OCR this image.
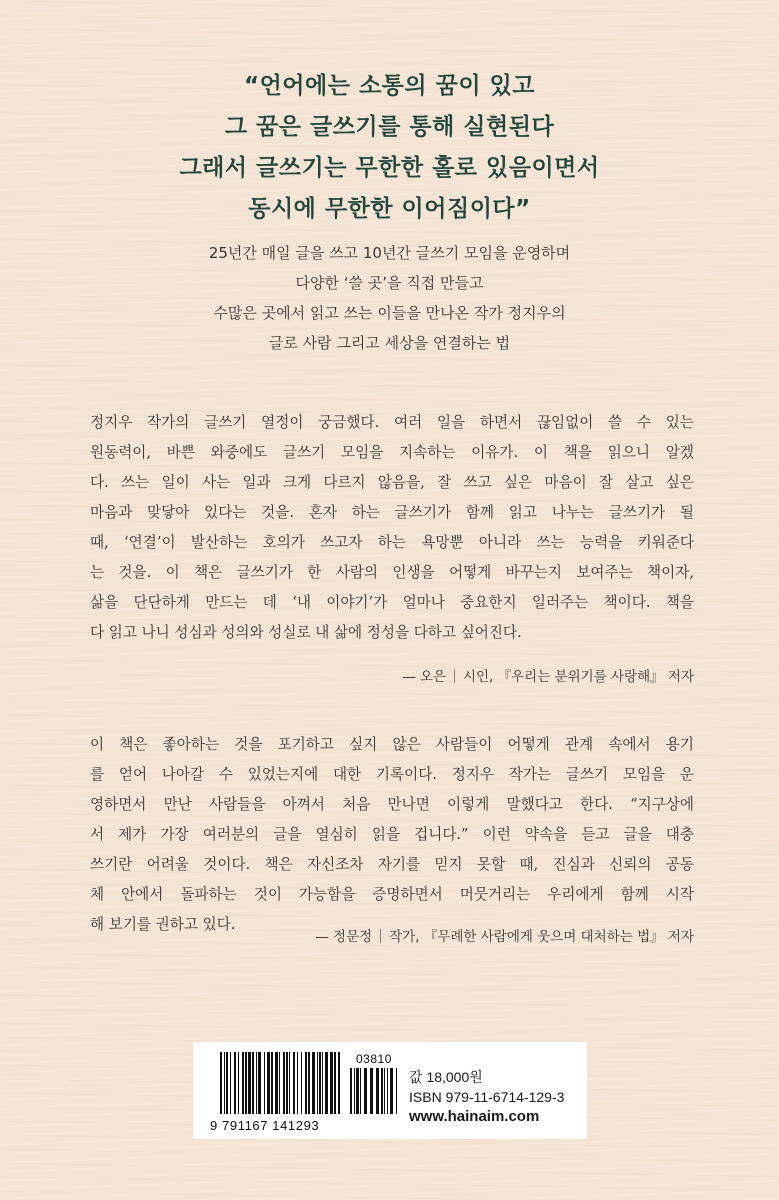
“언어에는 소통의 꿈이 있고
그 꿈은 글쓰기를 통해 실현된다
그래서 글쓰기는 무한한 홀로 있음이면서
동시에 무한한 이어짐이다”
25년간 매일 글을 쓰고 10년간 글쓰기 모임을 운영하며
다양한 ‘쓸 곳’을 직접 만들고
수많은 곳에서 읽고 쓰는 이들을 만나온 작가 정지우의
글로 사람 그리고 세상을 연결하는 법
정지우 작가의 글쓰기 열정이 궁금했다. 여러 일을 하면서 끊임없이 쓸 수 있는
원동력이, 바쁜 와중에도 글쓰기 모임을 지속하는 이유가. 이 책을 읽으니 알겠
다. 쓰는 일이 사는 일과 크게 다르지 않음을, 잘 쓰고 싶은 마음이 잘 살고 싶은
마음과 맞닿아 있다는 것을. 혼자 하는 글쓰기가 함께 읽고 나누는 글쓰기가 될
때, ‘연결’이 발산하는 호의가 쓰고자 하는 욕망뿐 아니라 쓰는 능력을 키워준다
는 것을. 이 책은 글쓰기가 한 사람의 인생을 어떻게 바꾸는지 보여주는 책이자,
삶을 단단하게 만드는 데 ‘내 이야기’가 얼마나 중요한지 일러주는 책이다. 책을
다 읽고 나니 성심과 성의와 성실로 내 삶에 정성을 다하고 싶어진다.
— 오은 시인, 『우리는 분위기를 사랑해』 저자
이 책은 좋아하는 것을 포기하고 싶지 않은 사람들이 어떻게 관계 속에서 용기
를 얻어 나아갈 수 있었는지에 대한 기록이다. 정지우 작가는 글쓰기 모임을 운
영하면서 만난 사람들을 아껴서 처음 만나면 이렇게 말했다고 한다. “지구상에
서 제가 가장 여러분의 글을 열심히 읽을 겁니다.” 이런 약속을 듣고 글을 대충
쓰기란 어려울 것이다. 책은 자신조차 자기를 믿지 못할 때, 진심과 신뢰의 공동
체 안에서 돌파하는 것이 가능함을 증명하면서 머뭇거리는 우리에게 함께 시작
해 보기를 권하고 있다.
— 정문정 작가, 『무례한 사람에게 웃으며 대처하는 법』 저자
03810
9 791167 141293
값 18,000원
ISBN 979-11-6714-129-3
www.hainaim.com
